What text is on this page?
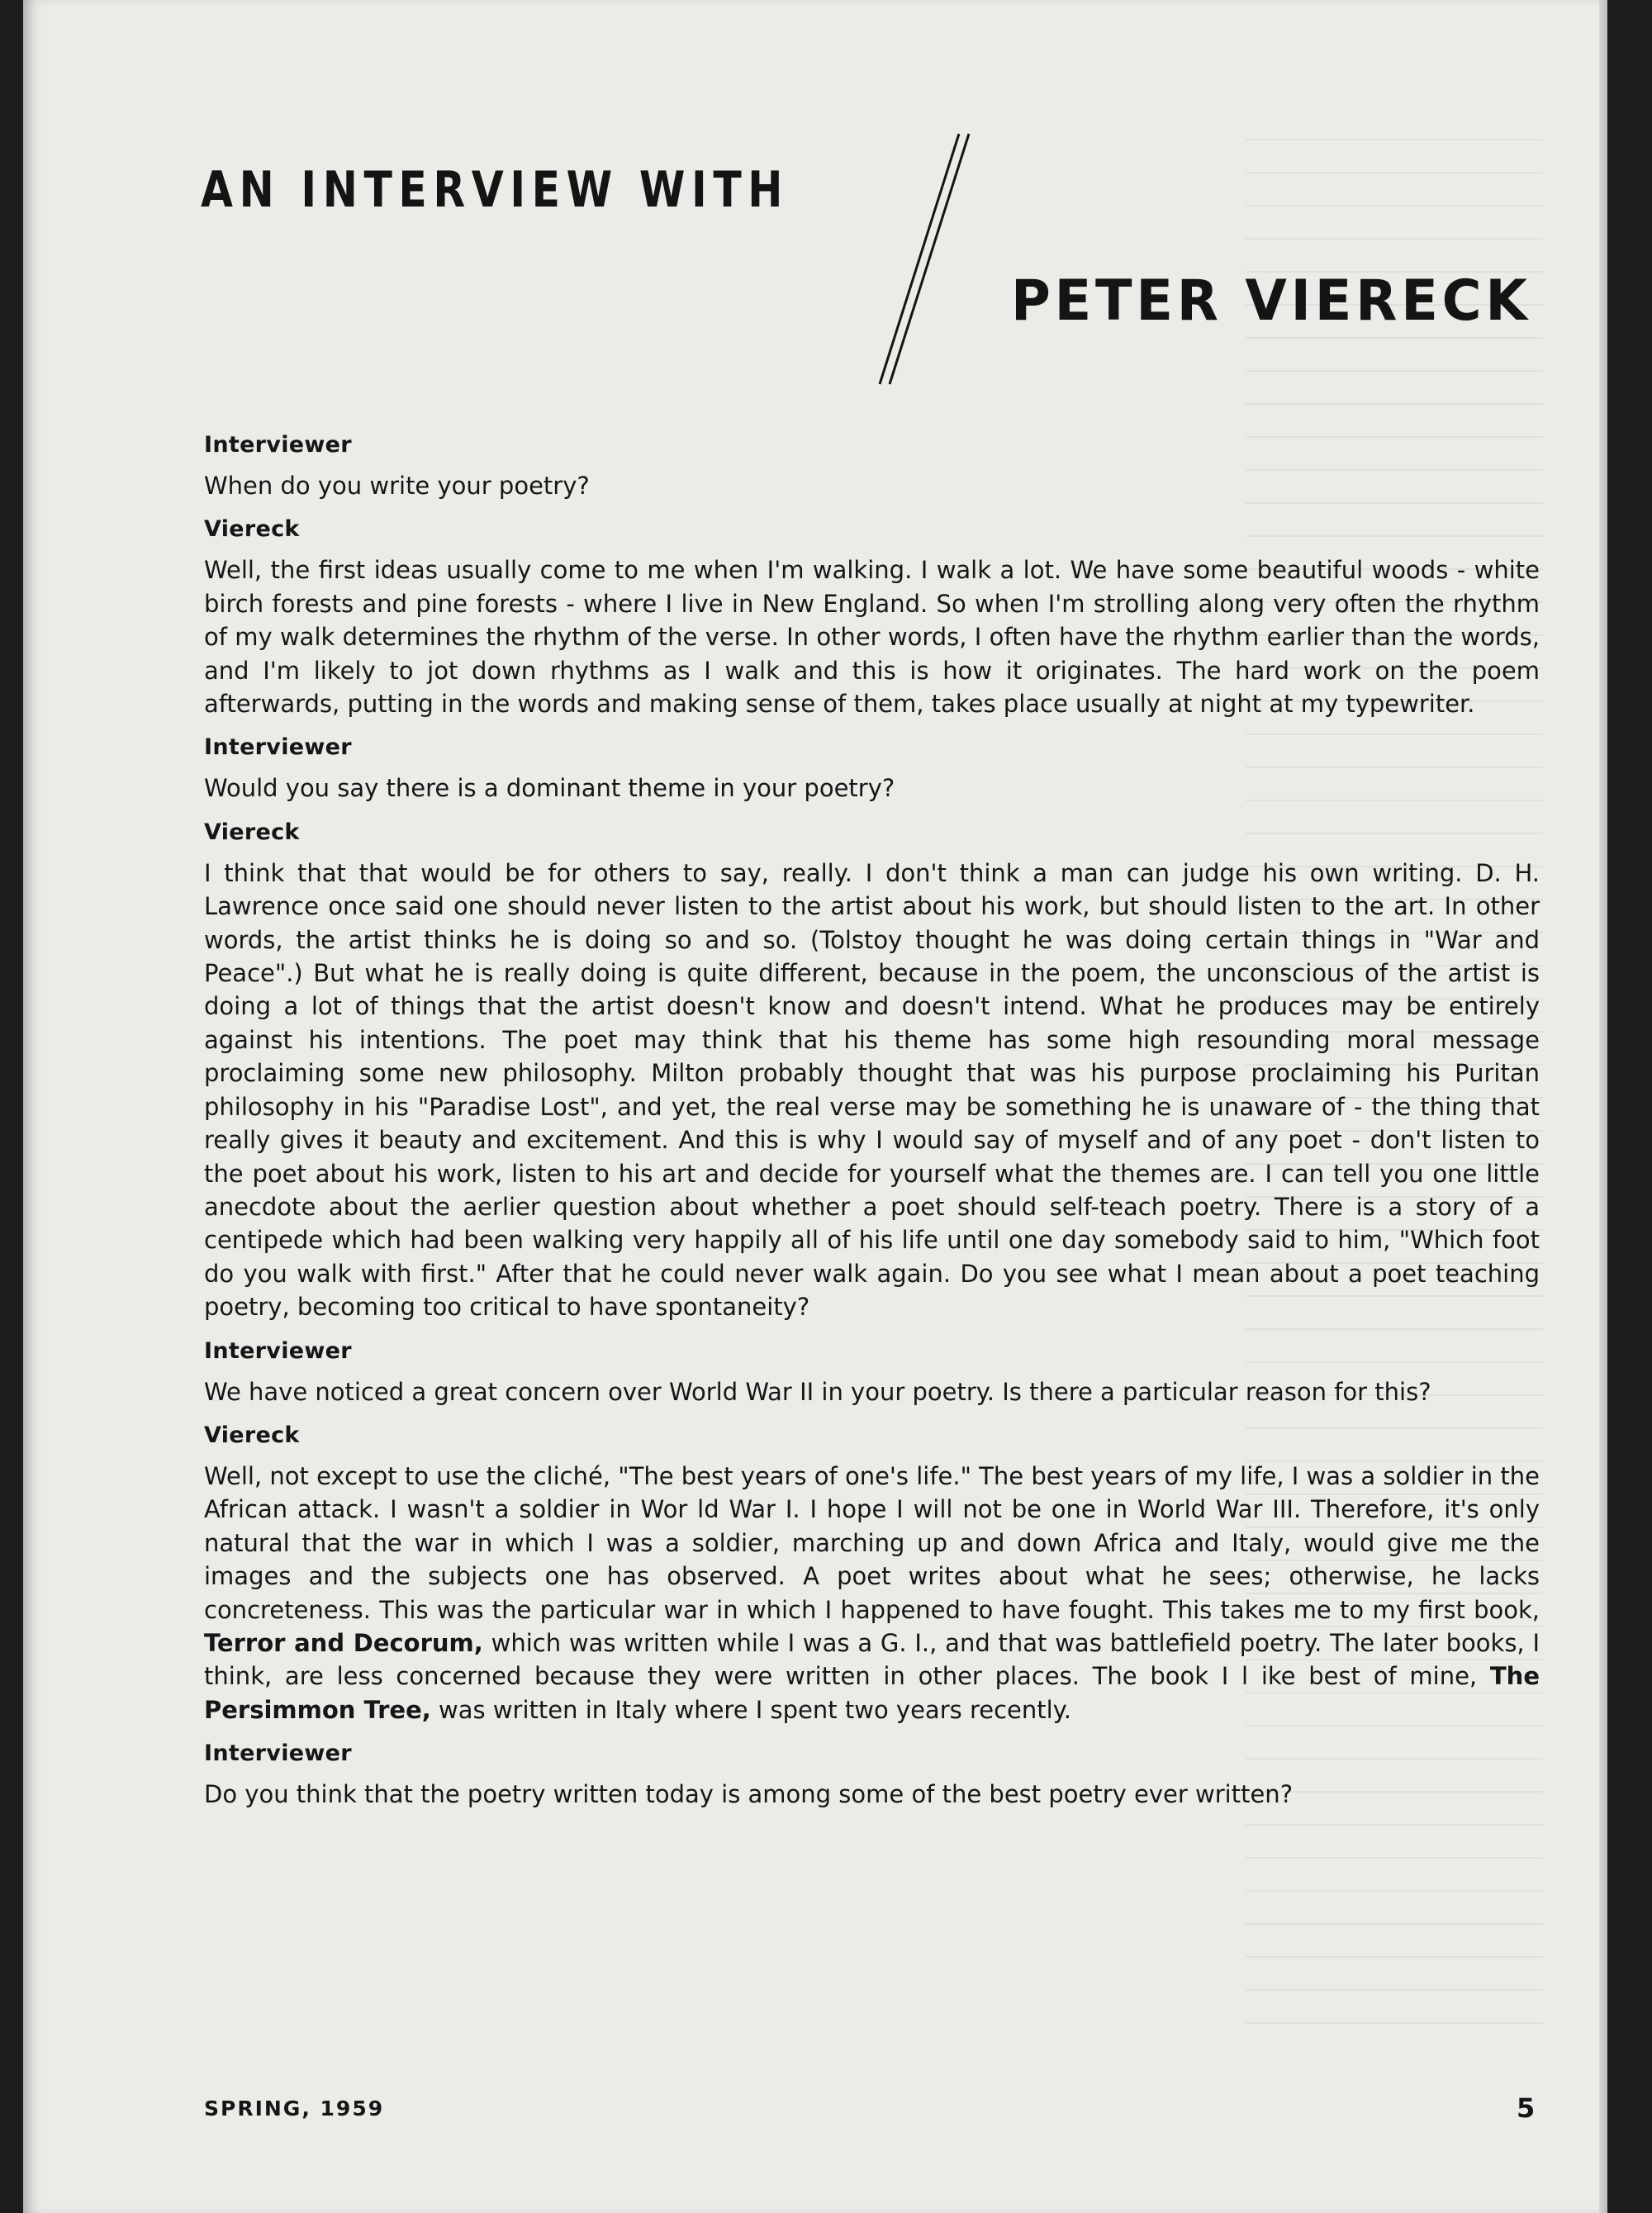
AN INTERVIEW WITH
PETER VIERECK
Interviewer

When do you write your poetry?

Viereck

Well, the first ideas usually come to me when I'm walking. I walk a lot. We have some beautiful woods - white birch forests and pine forests - where I live in New England. So when I'm strolling along very often the rhythm of my walk determines the rhythm of the verse. In other words, I often have the rhythm earlier than the words, and I'm likely to jot down rhythms as I walk and this is how it originates. The hard work on the poem afterwards, putting in the words and making sense of them, takes place usually at night at my typewriter.

Interviewer

Would you say there is a dominant theme in your poetry?

Viereck

I think that that would be for others to say, really. I don't think a man can judge his own writing. D. H. Lawrence once said one should never listen to the artist about his work, but should listen to the art. In other words, the artist thinks he is doing so and so. (Tolstoy thought he was doing certain things in "War and Peace".) But what he is really doing is quite different, because in the poem, the unconscious of the artist is doing a lot of things that the artist doesn't know and doesn't intend. What he produces may be entirely against his intentions. The poet may think that his theme has some high resounding moral message proclaiming some new philosophy. Milton probably thought that was his purpose proclaiming his Puritan philosophy in his "Paradise Lost", and yet, the real verse may be something he is unaware of - the thing that really gives it beauty and excitement. And this is why I would say of myself and of any poet - don't listen to the poet about his work, listen to his art and decide for yourself what the themes are. I can tell you one little anecdote about the aerlier question about whether a poet should self-teach poetry. There is a story of a centipede which had been walking very happily all of his life until one day somebody said to him, "Which foot do you walk with first." After that he could never walk again. Do you see what I mean about a poet teaching poetry, becoming too critical to have spontaneity?

Interviewer

We have noticed a great concern over World War II in your poetry. Is there a particular reason for this?

Viereck

Well, not except to use the cliché, "The best years of one's life." The best years of my life, I was a soldier in the African attack. I wasn't a soldier in Wor ld War I. I hope I will not be one in World War III. Therefore, it's only natural that the war in which I was a soldier, marching up and down Africa and Italy, would give me the images and the subjects one has observed. A poet writes about what he sees; otherwise, he lacks concreteness. This was the particular war in which I happened to have fought. This takes me to my first book, Terror and Decorum, which was written while I was a G. I., and that was battlefield poetry. The later books, I think, are less concerned because they were written in other places. The book I l ike best of mine, The Persimmon Tree, was written in Italy where I spent two years recently.

Interviewer

Do you think that the poetry written today is among some of the best poetry ever written?

SPRING, 1959	5
